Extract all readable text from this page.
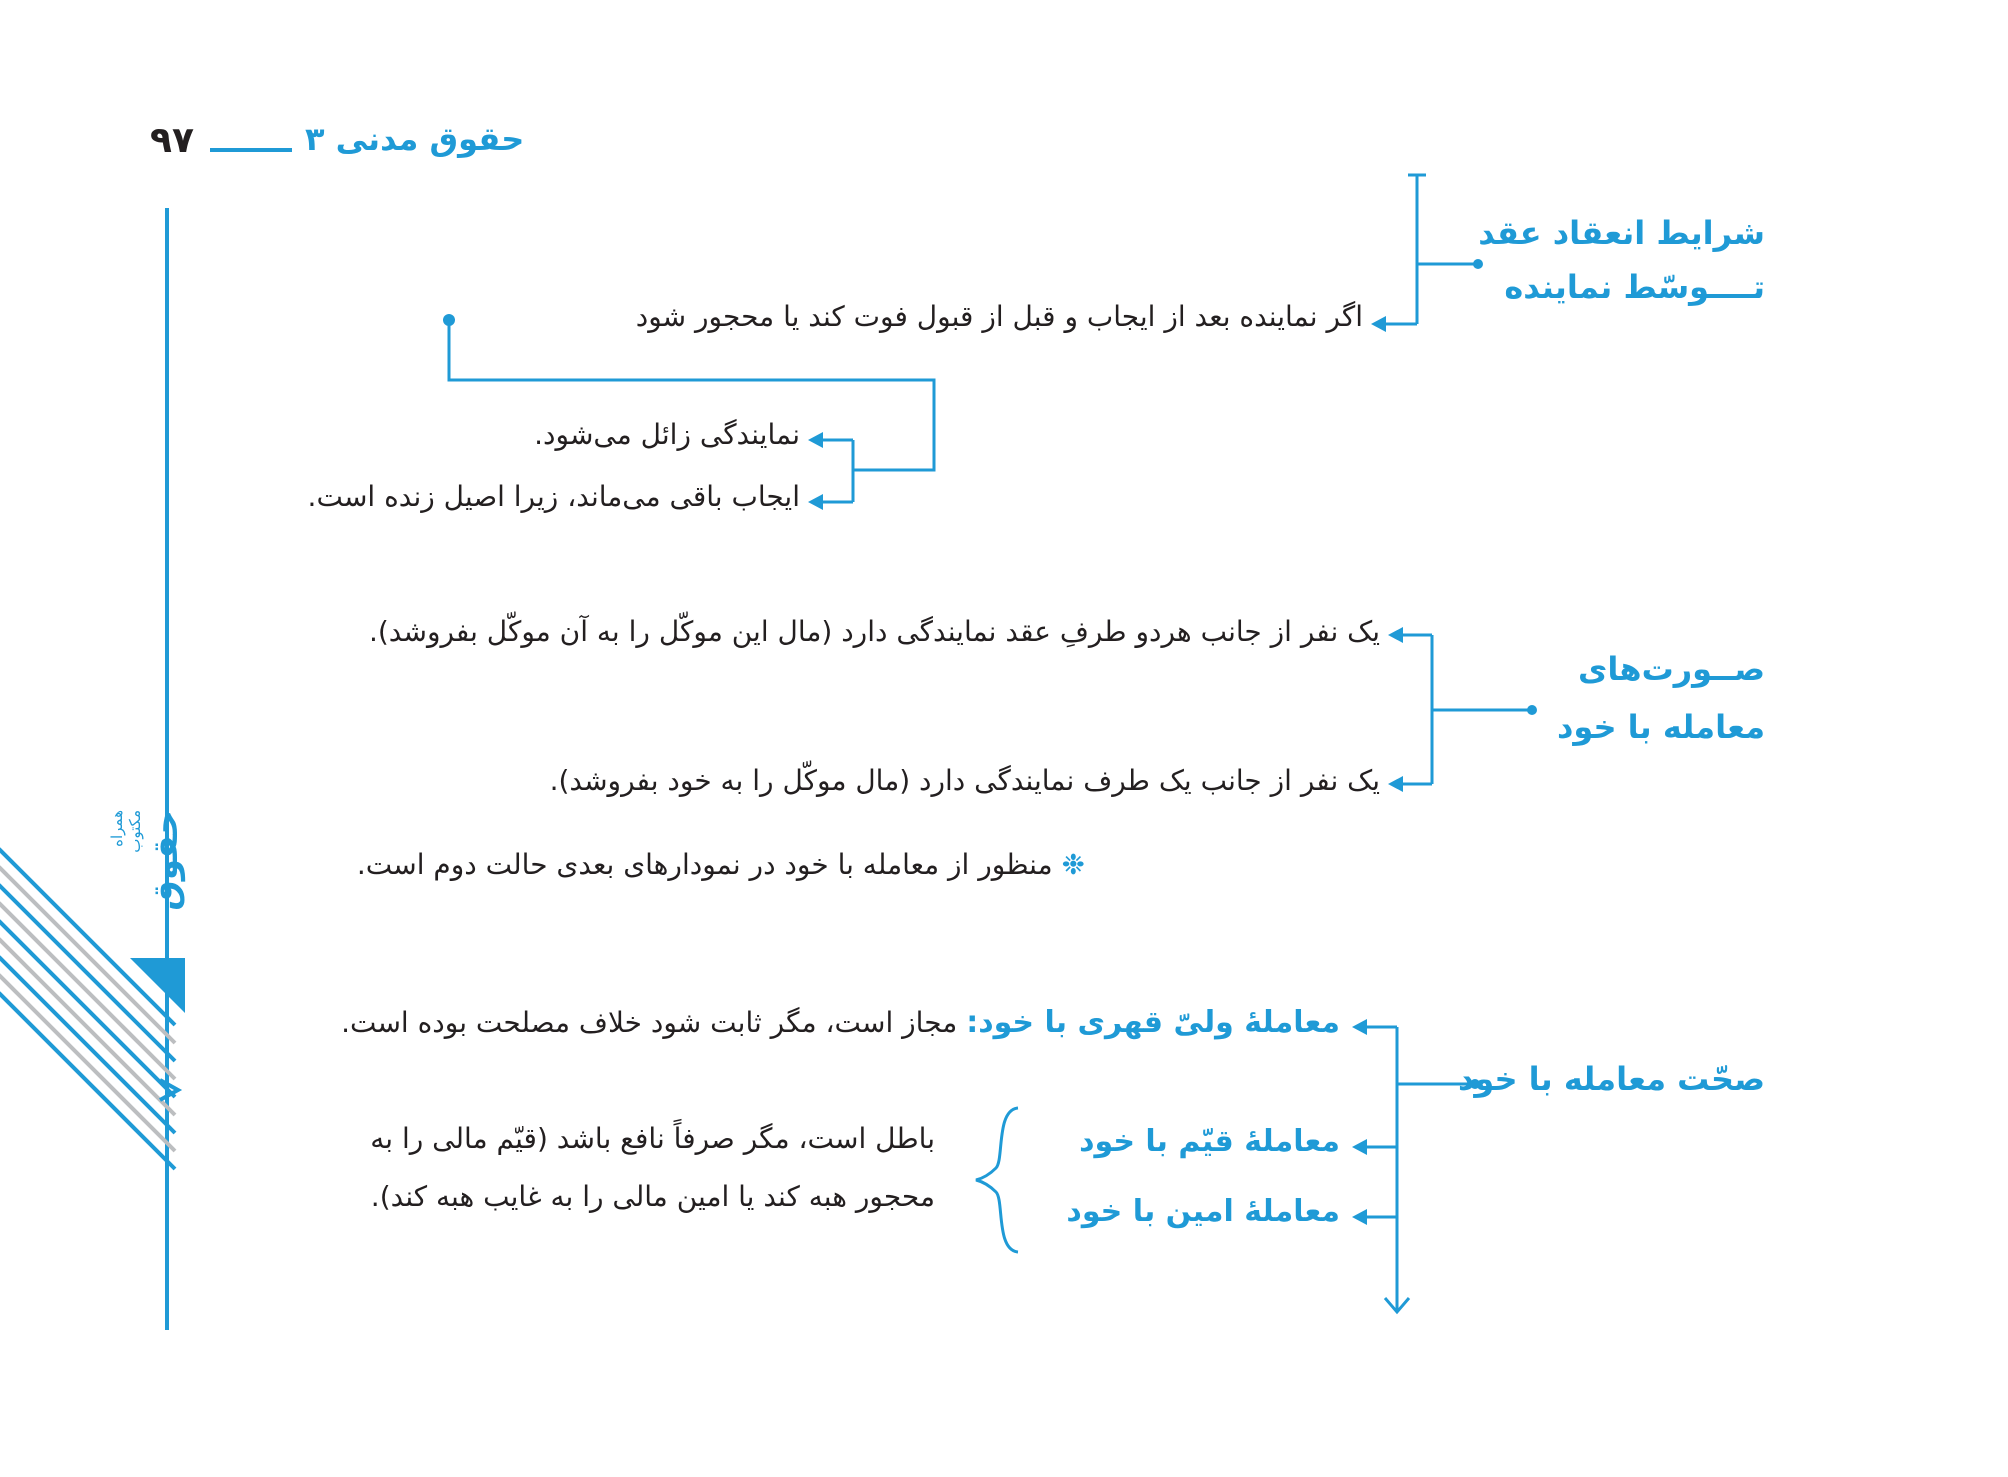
۹۷	حقوق مدنی ۳
همراه مکتوب حقوق
شرایط انعقاد عقد
تــــوسّط نماینده
اگر نماینده بعد از ایجاب و قبل از قبول فوت کند یا محجور شود
نمایندگی زائل می‌شود.
ایجاب باقی می‌ماند، زیرا اصیل زنده است.
صــورت‌های
معامله با خود
یک نفر از جانب هردو طرفِ عقد نمایندگی دارد (مال این موکّل را به آن موکّل بفروشد).
یک نفر از جانب یک طرف نمایندگی دارد (مال موکّل را به خود بفروشد).
❉ منظور از معامله با خود در نمودارهای بعدی حالت دوم است.
صحّت معامله با خود
معاملهٔ ولیّ قهری با خود: مجاز است، مگر ثابت شود خلاف مصلحت بوده است.
معاملهٔ قیّم با خود
معاملهٔ امین با خود
باطل است، مگر صرفاً نافع باشد (قیّم مالی را به
محجور هبه کند یا امین مالی را به غایب هبه کند).
